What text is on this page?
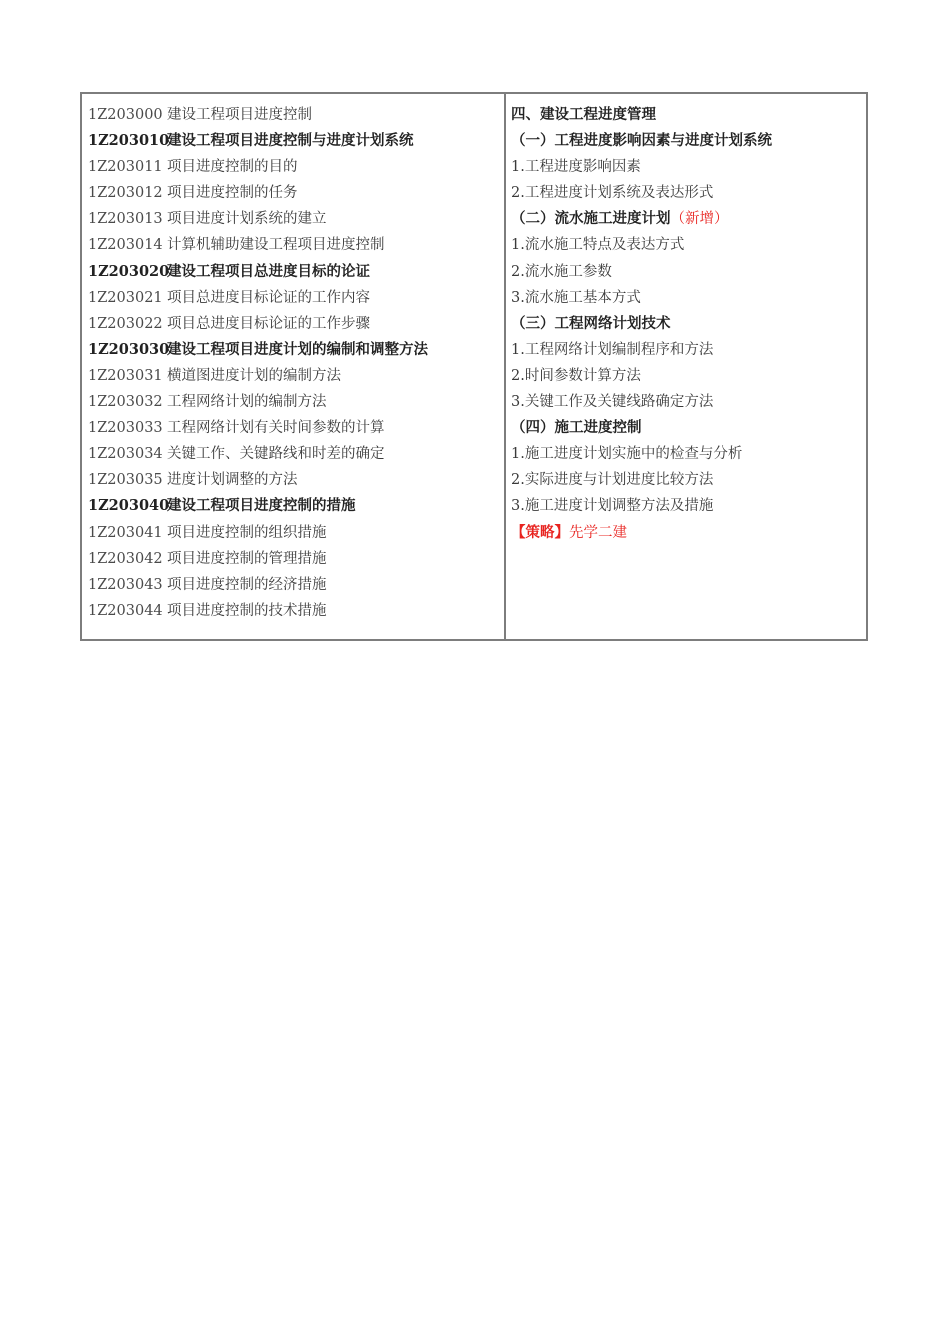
1Z203000 建设工程项目进度控制
1Z203010建设工程项目进度控制与进度计划系统
1Z203011 项目进度控制的目的
1Z203012 项目进度控制的任务
1Z203013 项目进度计划系统的建立
1Z203014 计算机辅助建设工程项目进度控制
1Z203020建设工程项目总进度目标的论证
1Z203021 项目总进度目标论证的工作内容
1Z203022 项目总进度目标论证的工作步骤
1Z203030建设工程项目进度计划的编制和调整方法
1Z203031 横道图进度计划的编制方法
1Z203032 工程网络计划的编制方法
1Z203033 工程网络计划有关时间参数的计算
1Z203034 关键工作、关键路线和时差的确定
1Z203035 进度计划调整的方法
1Z203040建设工程项目进度控制的措施
1Z203041 项目进度控制的组织措施
1Z203042 项目进度控制的管理措施
1Z203043 项目进度控制的经济措施
1Z203044 项目进度控制的技术措施
四、建设工程进度管理
（一）工程进度影响因素与进度计划系统
1.工程进度影响因素
2.工程进度计划系统及表达形式
（二）流水施工进度计划（新增）
1.流水施工特点及表达方式
2.流水施工参数
3.流水施工基本方式
（三）工程网络计划技术
1.工程网络计划编制程序和方法
2.时间参数计算方法
3.关键工作及关键线路确定方法
（四）施工进度控制
1.施工进度计划实施中的检查与分析
2.实际进度与计划进度比较方法
3.施工进度计划调整方法及措施
【策略】先学二建
